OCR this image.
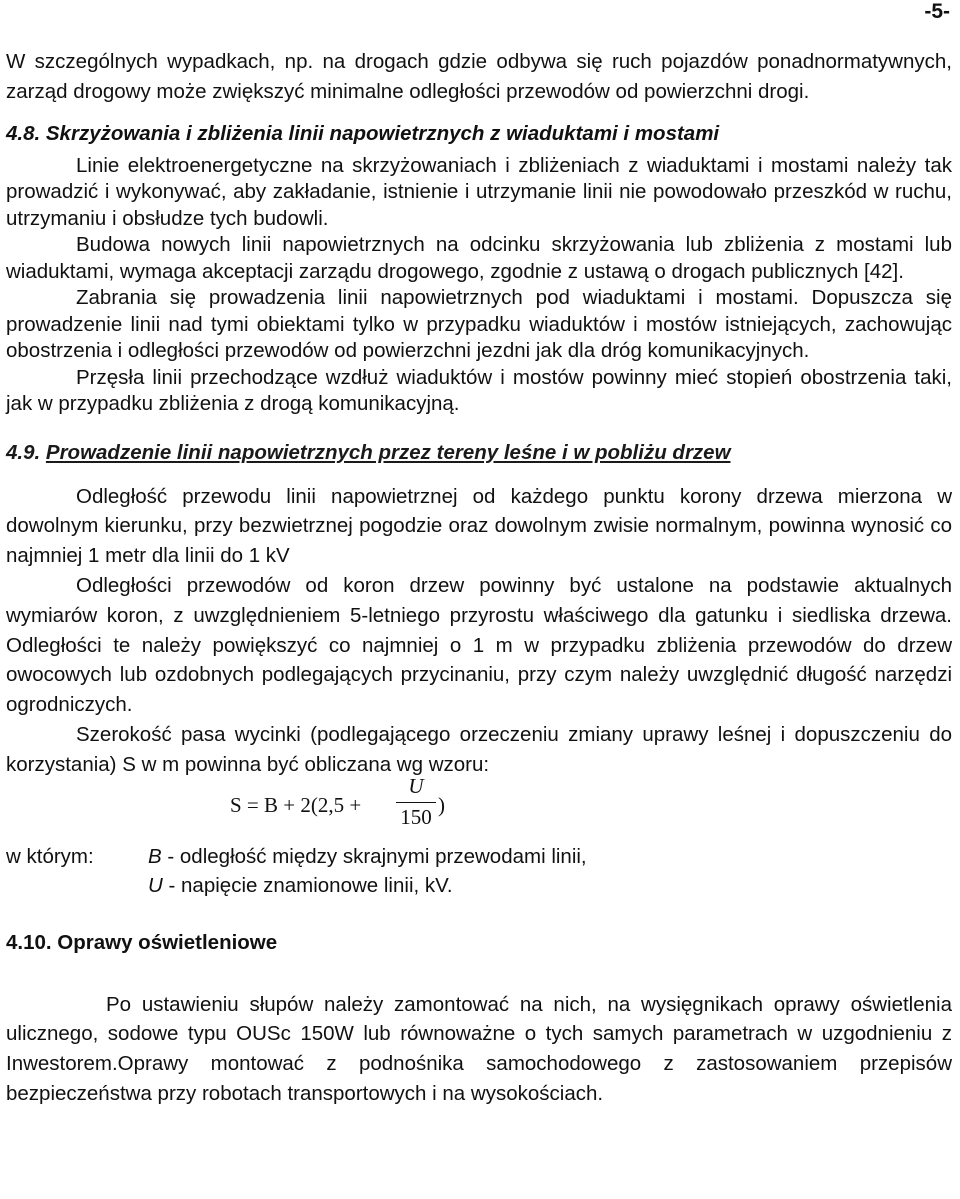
-5-

W szczególnych wypadkach, np. na drogach gdzie odbywa się ruch pojazdów ponadnormatywnych, zarząd drogowy może zwiększyć minimalne odległości przewodów od powierzchni drogi.

4.8. Skrzyżowania i zbliżenia linii napowietrznych z wiaduktami i mostami

Linie elektroenergetyczne na skrzyżowaniach i zbliżeniach z wiaduktami i mostami należy tak prowadzić i wykonywać, aby zakładanie, istnienie i utrzymanie linii nie powodowało przeszkód w ruchu, utrzymaniu i obsłudze tych budowli.

Budowa nowych linii napowietrznych na odcinku skrzyżowania lub zbliżenia z mostami lub wiaduktami, wymaga akceptacji zarządu drogowego, zgodnie z ustawą o drogach publicznych [42].

Zabrania się prowadzenia linii napowietrznych pod wiaduktami i mostami. Dopuszcza się prowadzenie linii nad tymi obiektami tylko w przypadku wiaduktów i mostów istniejących, zachowując obostrzenia i odległości przewodów od powierzchni jezdni jak dla dróg komunikacyjnych.

Przęsła linii przechodzące wzdłuż wiaduktów i mostów powinny mieć stopień obostrzenia taki, jak w przypadku zbliżenia z drogą komunikacyjną.

4.9. Prowadzenie linii napowietrznych przez tereny leśne i w pobliżu drzew

Odległość przewodu linii napowietrznej od każdego punktu korony drzewa mierzona w dowolnym kierunku, przy bezwietrznej pogodzie oraz dowolnym zwisie normalnym, powinna wynosić co najmniej 1 metr dla linii do 1 kV

Odległości przewodów od koron drzew powinny być ustalone na podstawie aktualnych wymiarów koron, z uwzględnieniem 5-letniego przyrostu właściwego dla gatunku i siedliska drzewa. Odległości te należy powiększyć co najmniej o 1 m w przypadku zbliżenia przewodów do drzew owocowych lub ozdobnych podlegających przycinaniu, przy czym należy uwzględnić długość narzędzi ogrodniczych.

Szerokość pasa wycinki (podlegającego orzeczeniu zmiany uprawy leśnej i dopuszczeniu do korzystania) S w m powinna być obliczana wg wzoru:

S = B + 2(2,5 +
U
150 )
w którym:	B - odległość między skrajnymi przewodami linii,
U - napięcie znamionowe linii, kV.
4.10. Oprawy oświetleniowe

Po ustawieniu słupów należy zamontować na nich, na wysięgnikach oprawy oświetlenia ulicznego, sodowe typu OUSc 150W lub równoważne o tych samych parametrach w uzgodnieniu z Inwestorem.Oprawy montować z podnośnika samochodowego z zastosowaniem przepisów bezpieczeństwa przy robotach transportowych i na wysokościach.
